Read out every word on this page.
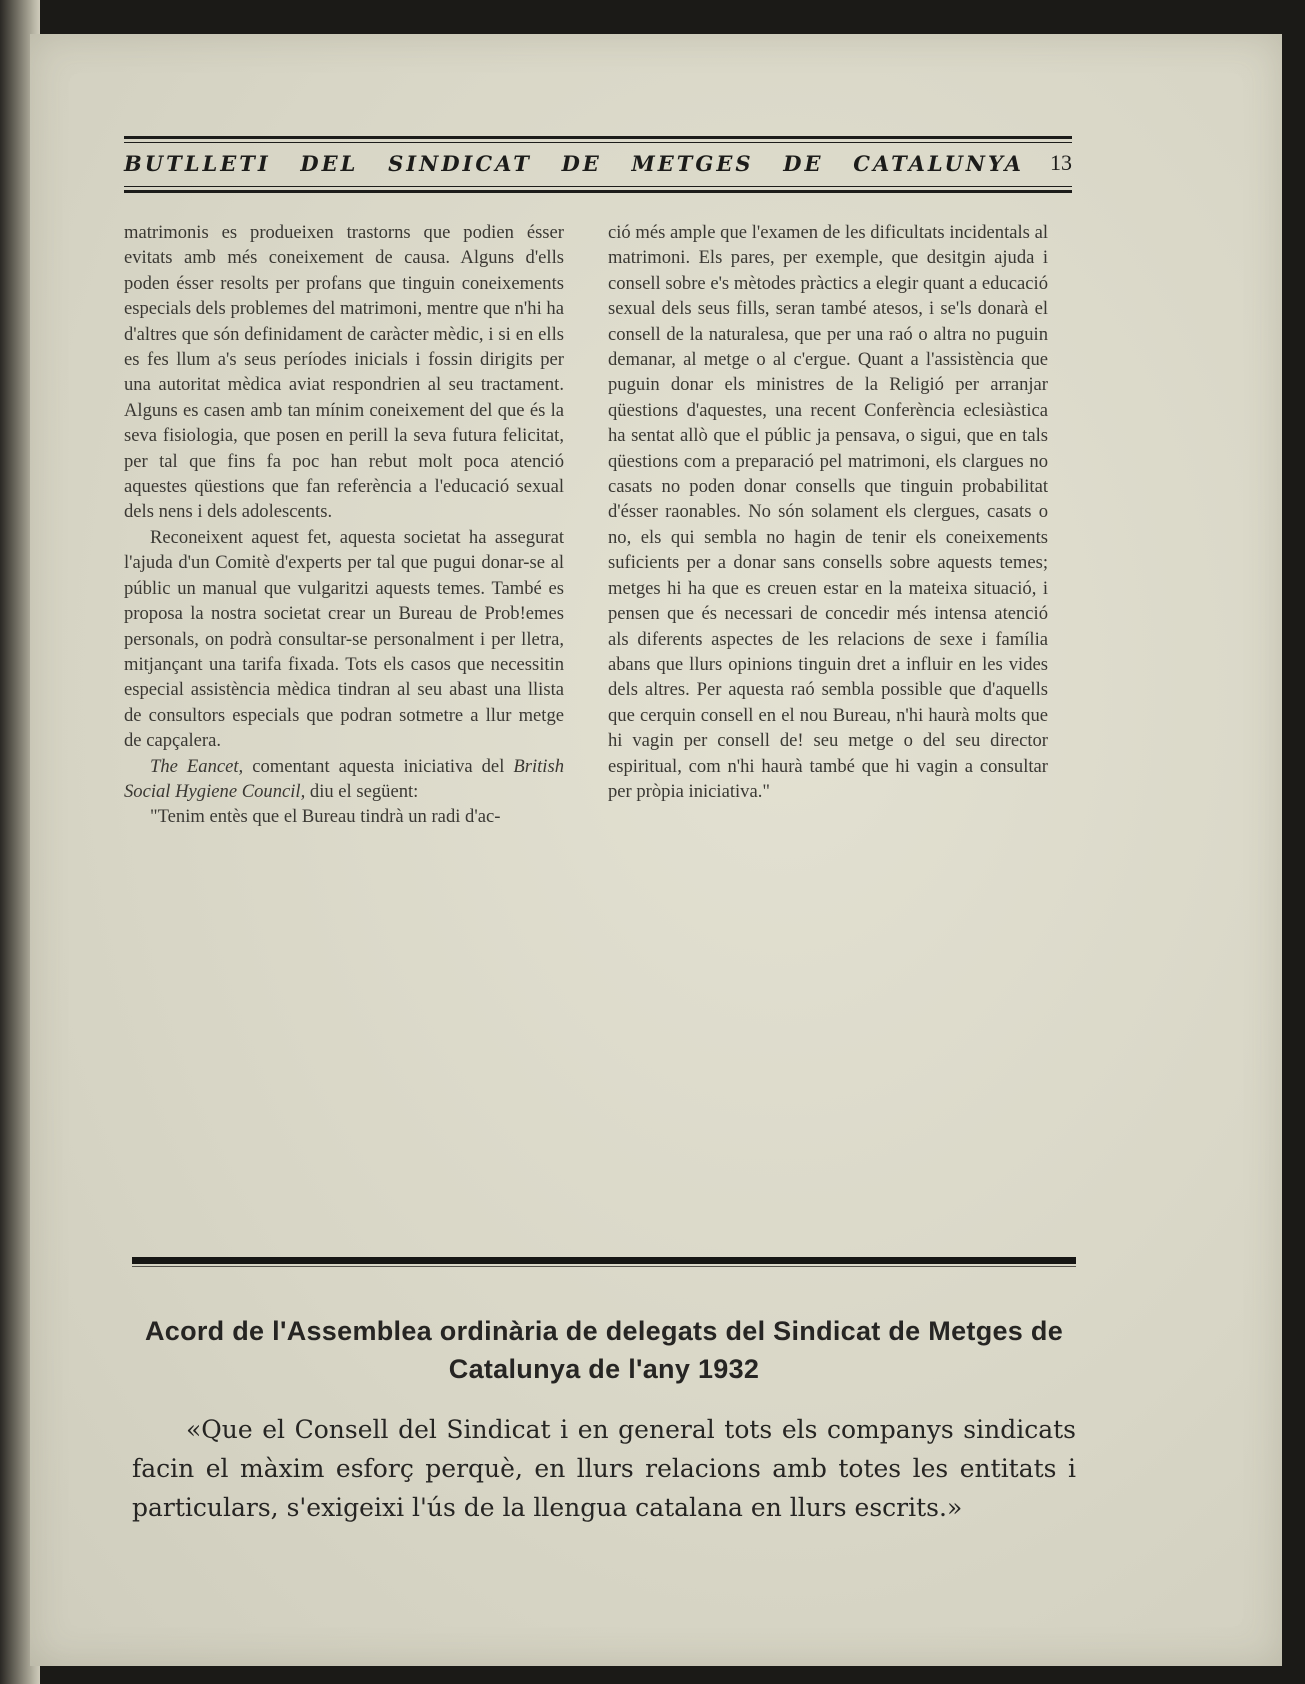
BUTLLETI DEL SINDICAT DE METGES DE CATALUNYA 13

matrimonis es produeixen trastorns que podien ésser evitats amb més coneixement de causa. Alguns d'ells poden ésser resolts per profans que tinguin coneixements especials dels problemes del matrimoni, mentre que n'hi ha d'altres que són definidament de caràcter mèdic, i si en ells es fes llum a's seus períodes inicials i fossin dirigits per una autoritat mèdica aviat respondrien al seu tractament. Alguns es casen amb tan mínim coneixement del que és la seva fisiologia, que posen en perill la seva futura felicitat, per tal que fins fa poc han rebut molt poca atenció aquestes qüestions que fan referència a l'educació sexual dels nens i dels adolescents.

Reconeixent aquest fet, aquesta societat ha assegurat l'ajuda d'un Comitè d'experts per tal que pugui donar-se al públic un manual que vulgaritzi aquests temes. També es proposa la nostra societat crear un Bureau de Prob!emes personals, on podrà consultar-se personalment i per lletra, mitjançant una tarifa fixada. Tots els casos que necessitin especial assistència mèdica tindran al seu abast una llista de consultors especials que podran sotmetre a llur metge de capçalera.

The Eancet, comentant aquesta iniciativa del British Social Hygiene Council, diu el següent:

"Tenim entès que el Bureau tindrà un radi d'ac-

ció més ample que l'examen de les dificultats incidentals al matrimoni. Els pares, per exemple, que desitgin ajuda i consell sobre e's mètodes pràctics a elegir quant a educació sexual dels seus fills, seran també atesos, i se'ls donarà el consell de la naturalesa, que per una raó o altra no puguin demanar, al metge o al c'ergue. Quant a l'assistència que puguin donar els ministres de la Religió per arranjar qüestions d'aquestes, una recent Conferència eclesiàstica ha sentat allò que el públic ja pensava, o sigui, que en tals qüestions com a preparació pel matrimoni, els clargues no casats no poden donar consells que tinguin probabilitat d'ésser raonables. No són solament els clergues, casats o no, els qui sembla no hagin de tenir els coneixements suficients per a donar sans consells sobre aquests temes; metges hi ha que es creuen estar en la mateixa situació, i pensen que és necessari de concedir més intensa atenció als diferents aspectes de les relacions de sexe i família abans que llurs opinions tinguin dret a influir en les vides dels altres. Per aquesta raó sembla possible que d'aquells que cerquin consell en el nou Bureau, n'hi haurà molts que hi vagin per consell de! seu metge o del seu director espiritual, com n'hi haurà també que hi vagin a consultar per pròpia iniciativa."

Acord de l'Assemblea ordinària de delegats del Sindicat de Metges de Catalunya de l'any 1932
«Que el Consell del Sindicat i en general tots els companys sindicats facin el màxim esforç perquè, en llurs relacions amb totes les entitats i particulars, s'exigeixi l'ús de la llengua catalana en llurs escrits.»
